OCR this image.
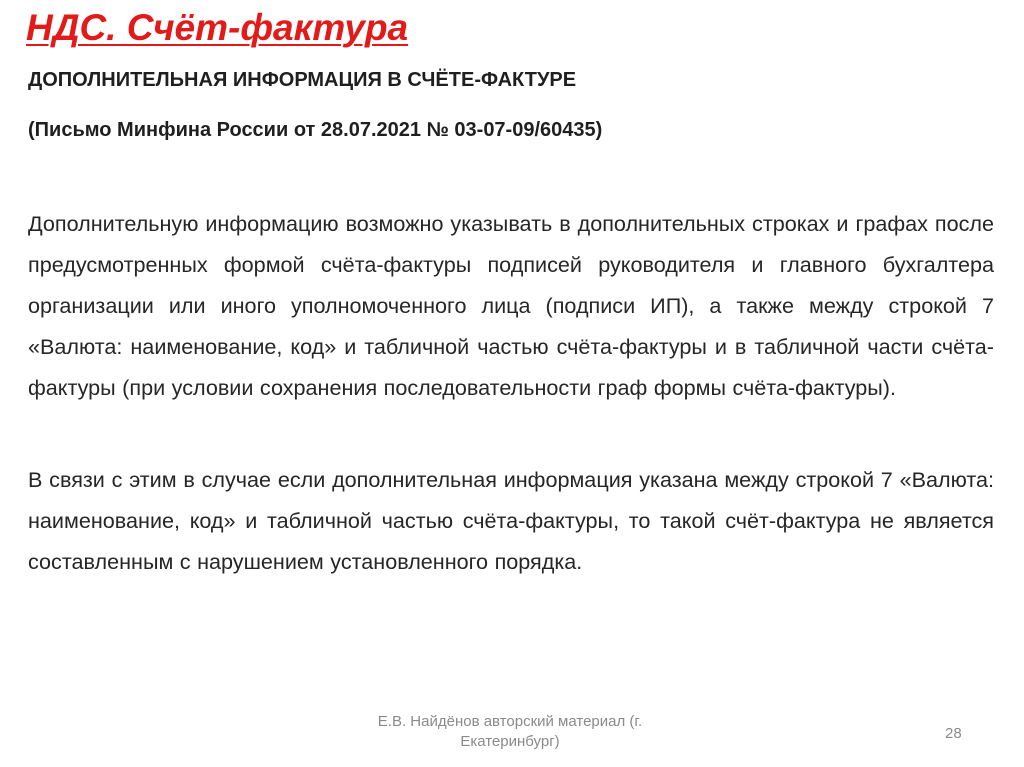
НДС. Счёт-фактура

ДОПОЛНИТЕЛЬНАЯ ИНФОРМАЦИЯ В СЧЁТЕ-ФАКТУРЕ

(Письмо Минфина России от 28.07.2021 № 03-07-09/60435)

Дополнительную информацию возможно указывать в дополнительных строках и графах после предусмотренных формой счёта-фактуры подписей руководителя и главного бухгалтера организации или иного уполномоченного лица (подписи ИП), а также между строкой 7 «Валюта: наименование, код» и табличной частью счёта-фактуры и в табличной части счёта-фактуры (при условии сохранения последовательности граф формы счёта-фактуры).

В связи с этим в случае если дополнительная информация указана между строкой 7 «Валюта: наименование, код» и табличной частью счёта-фактуры, то такой счёт-фактура не является составленным с нарушением установленного порядка.

Е.В. Найдёнов авторский материал (г. Екатеринбург)	28
